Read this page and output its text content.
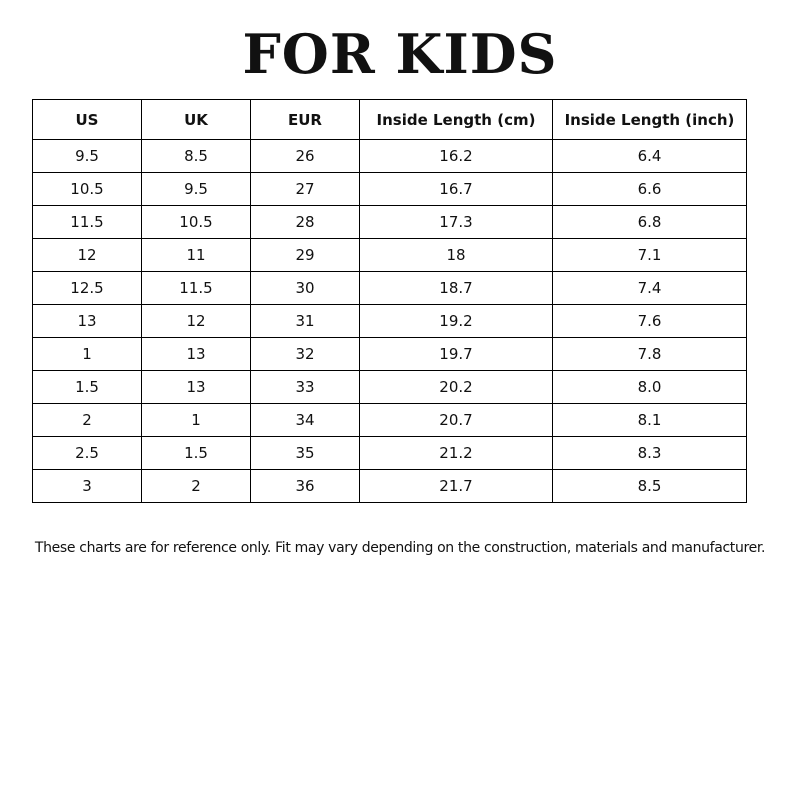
FOR KIDS
US	UK	EUR	Inside Length (cm)	Inside Length (inch)
9.5	8.5	26	16.2	6.4
10.5	9.5	27	16.7	6.6
11.5	10.5	28	17.3	6.8
12	11	29	18	7.1
12.5	11.5	30	18.7	7.4
13	12	31	19.2	7.6
1	13	32	19.7	7.8
1.5	13	33	20.2	8.0
2	1	34	20.7	8.1
2.5	1.5	35	21.2	8.3
3	2	36	21.7	8.5

These charts are for reference only. Fit may vary depending on the construction, materials and manufacturer.
